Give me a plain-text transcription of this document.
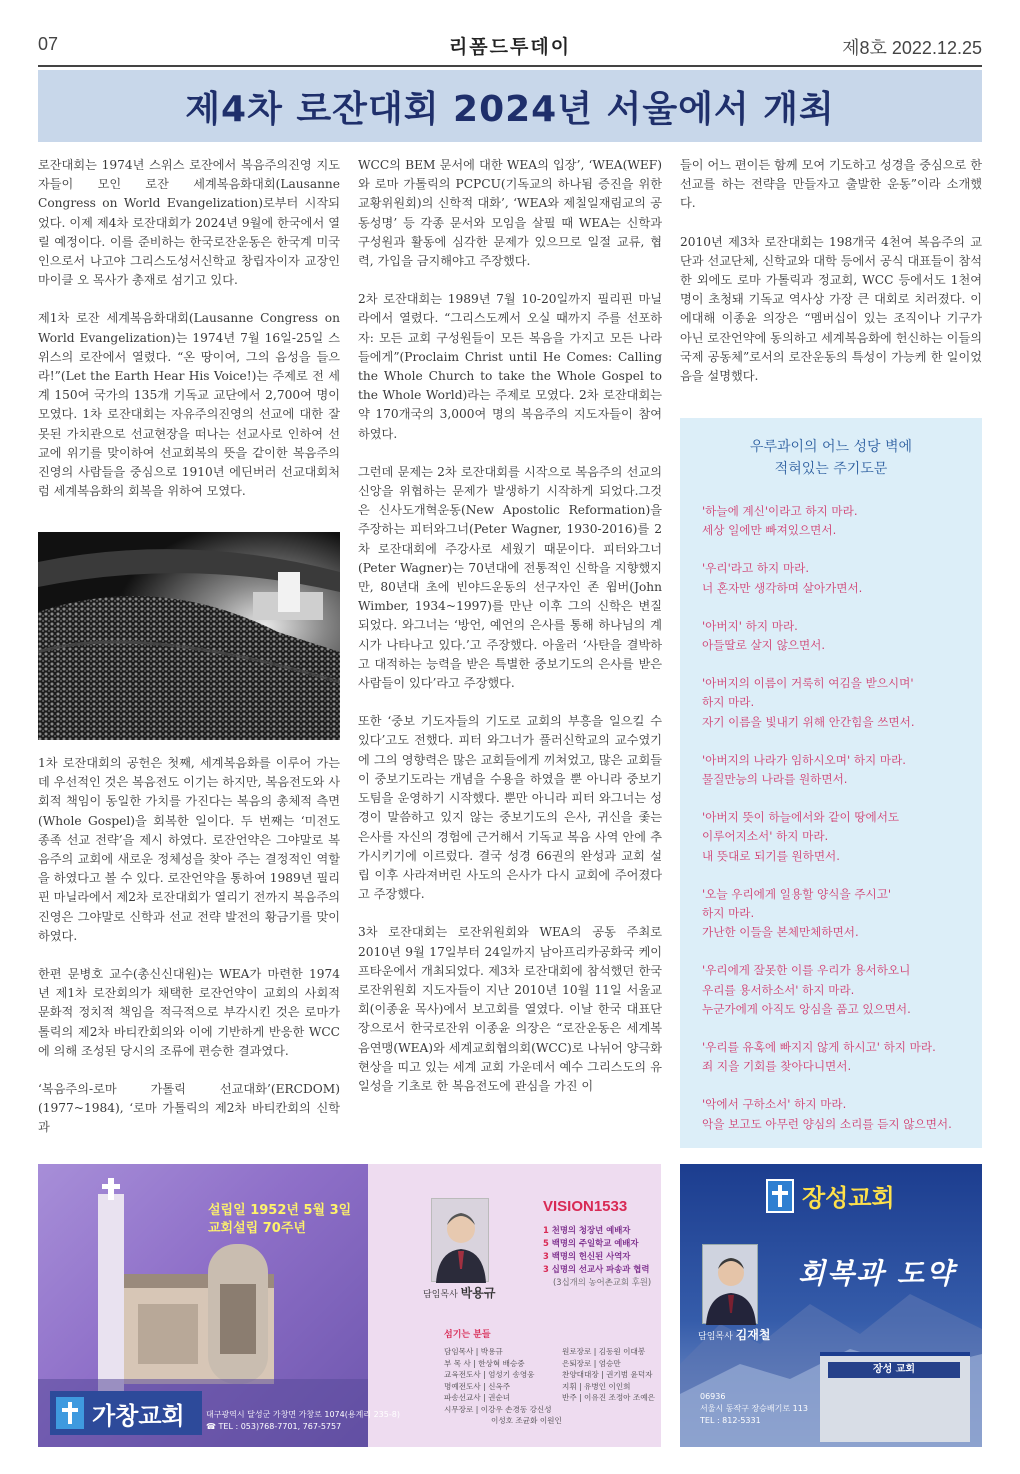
07	리폼드투데이	제8호 2022.12.25
제4차 로잔대회 2024년 서울에서 개최

로잔대회는 1974년 스위스 로잔에서 복음주의진영 지도자들이 모인 로잔 세계복음화대회(Lausanne Congress on World Evangelization)로부터 시작되었다. 이제 제4차 로잔대회가 2024년 9월에 한국에서 열릴 예정이다. 이를 준비하는 한국로잔운동은 한국계 미국인으로서 나고야 그리스도성서신학교 창립자이자 교장인 마이클 오 목사가 총재로 섬기고 있다.

제1차 로잔 세계복음화대회(Lausanne Congress on World Evangelization)는 1974년 7월 16일-25일 스위스의 로잔에서 열렸다. “온 땅이여, 그의 음성을 들으라!”(Let the Earth Hear His Voice!)는 주제로 전 세계 150여 국가의 135개 기독교 교단에서 2,700여 명이 모였다. 1차 로잔대회는 자유주의진영의 선교에 대한 잘못된 가치관으로 선교현장을 떠나는 선교사로 인하여 선교에 위기를 맞이하여 선교회복의 뜻을 같이한 복음주의 진영의 사람들을 중심으로 1910년 에딘버러 선교대회처럼 세계복음화의 회복을 위하여 모였다.

1차 로잔대회의 공헌은 첫째, 세계복음화를 이루어 가는데 우선적인 것은 복음전도 이기는 하지만, 복음전도와 사회적 책임이 동일한 가치를 가진다는 복음의 총체적 측면(Whole Gospel)을 회복한 일이다. 두 번째는 ‘미전도 종족 선교 전략’을 제시 하였다. 로잔언약은 그야말로 복음주의 교회에 새로운 정체성을 찾아 주는 결정적인 역할을 하였다고 볼 수 있다. 로잔언약을 통하여 1989년 필리핀 마닐라에서 제2차 로잔대회가 열리기 전까지 복음주의 진영은 그야말로 신학과 선교 전략 발전의 황금기를 맞이하였다.

한편 문병호 교수(총신신대원)는 WEA가 마련한 1974년 제1차 로잔회의가 채택한 로잔언약이 교회의 사회적 문화적 정치적 책임을 적극적으로 부각시킨 것은 로마가톨릭의 제2차 바티칸회의와 이에 기반하게 반응한 WCC에 의해 조성된 당시의 조류에 편승한 결과였다.

‘복음주의-로마 가톨릭 선교대화’(ERCDOM)(1977~1984), ‘로마 가톨릭의 제2차 바티칸회의 신학과

WCC의 BEM 문서에 대한 WEA의 입장’, ‘WEA(WEF)와 로마 가톨릭의 PCPCU(기독교의 하나됨 증진을 위한 교황위원회)의 신학적 대화’, ‘WEA와 제칠일재림교의 공동성명’ 등 각종 문서와 모임을 살필 때 WEA는 신학과 구성원과 활동에 심각한 문제가 있으므로 일절 교류, 협력, 가입을 금지해야고 주장했다.

2차 로잔대회는 1989년 7월 10-20일까지 필리핀 마닐라에서 열렸다. “그리스도께서 오실 때까지 주를 선포하자: 모든 교회 구성원들이 모든 복음을 가지고 모든 나라들에게”(Proclaim Christ until He Comes: Calling the Whole Church to take the Whole Gospel to the Whole World)라는 주제로 모였다. 2차 로잔대회는 약 170개국의 3,000여 명의 복음주의 지도자들이 참여하였다.

그런데 문제는 2차 로잔대회를 시작으로 복음주의 선교의 신앙을 위협하는 문제가 발생하기 시작하게 되었다.그것은 신사도개혁운동(New Apostolic Reformation)을 주장하는 피터와그너(Peter Wagner, 1930-2016)를 2차 로잔대회에 주강사로 세웠기 때문이다. 피터와그너(Peter Wagner)는 70년대에 전통적인 신학을 지향했지만, 80년대 초에 빈야드운동의 선구자인 존 윔버(John Wimber, 1934~1997)를 만난 이후 그의 신학은 변질되었다. 와그너는 ‘방언, 예언의 은사를 통해 하나님의 계시가 나타나고 있다.’고 주장했다. 아울러 ‘사탄을 결박하고 대적하는 능력을 받은 특별한 중보기도의 은사를 받은 사람들이 있다’라고 주장했다.

또한 ‘중보 기도자들의 기도로 교회의 부흥을 일으킬 수 있다’고도 전했다. 피터 와그너가 풀러신학교의 교수였기에 그의 영향력은 많은 교회들에게 끼쳐었고, 많은 교회들이 중보기도라는 개념을 수용을 하였을 뿐 아니라 중보기도팀을 운영하기 시작했다. 뿐만 아니라 피터 와그너는 성경이 말씀하고 있지 않는 중보기도의 은사, 귀신을 좇는 은사를 자신의 경험에 근거해서 기독교 복음 사역 안에 추가시키기에 이르렀다. 결국 성경 66권의 완성과 교회 설립 이후 사라져버린 사도의 은사가 다시 교회에 주어졌다고 주장했다.

3차 로잔대회는 로잔위원회와 WEA의 공동 주최로 2010년 9월 17일부터 24일까지 남아프리카공화국 케이프타운에서 개최되었다. 제3차 로잔대회에 참석했던 한국로잔위원회 지도자들이 지난 2010년 10월 11일 서울교회(이종윤 목사)에서 보고회를 열였다. 이날 한국 대표단장으로서 한국로잔위 이종윤 의장은 “로잔운동은 세계복음연맹(WEA)와 세계교회협의회(WCC)로 나뉘어 양극화 현상을 띠고 있는 세계 교회 가운데서 예수 그리스도의 유일성을 기초로 한 복음전도에 관심을 가진 이

들이 어느 편이든 함께 모여 기도하고 성경을 중심으로 한 선교를 하는 전략을 만들자고 출발한 운동”이라 소개했다.

2010년 제3차 로잔대회는 198개국 4천여 복음주의 교단과 선교단체, 신학교와 대학 등에서 공식 대표들이 참석한 외에도 로마 가톨릭과 정교회, WCC 등에서도 1천여명이 초청돼 기독교 역사상 가장 큰 대회로 치러졌다. 이에대해 이종윤 의장은 “멤버십이 있는 조직이나 기구가 아닌 로잔언약에 동의하고 세계복음화에 헌신하는 이들의 국제 공동체”로서의 로잔운동의 특성이 가능케 한 일이었음을 설명했다.

우루과이의 어느 성당 벽에
적혀있는 주기도문
'하늘에 계신'이라고 하지 마라.
세상 일에만 빠져있으면서.
'우리'라고 하지 마라.
너 혼자만 생각하며 살아가면서.
'아버지' 하지 마라.
아들딸로 살지 않으면서.
'아버지의 이름이 거룩히 여김을 받으시며'
하지 마라.
자기 이름을 빛내기 위해 안간힘을 쓰면서.
'아버지의 나라가 임하시오며' 하지 마라.
물질만능의 나라를 원하면서.
'아버지 뜻이 하늘에서와 같이 땅에서도
이루어지소서' 하지 마라.
내 뜻대로 되기를 원하면서.
'오늘 우리에게 일용할 양식을 주시고'
하지 마라.
가난한 이들을 본체만체하면서.
'우리에게 잘못한 이를 우리가 용서하오니
우리를 용서하소서' 하지 마라.
누군가에게 아직도 앙심을 품고 있으면서.
'우리를 유혹에 빠지지 않게 하시고' 하지 마라.
죄 지을 기회를 찾아다니면서.
'악에서 구하소서' 하지 마라.
악을 보고도 아무런 양심의 소리를 듣지 않으면서.
설립일 1952년 5월 3일
교회설립 70주년
가창교회	대구광역시 달성군 가창면 가창로 1074(용계리 235-8)
☎ TEL : 053)768-7701, 767-5757
담임목사 박용규
VISION1533
1 천명의 청장년 예배자
5 백명의 주일학교 예배자
3 백명의 헌신된 사역자
3 십명의 선교사 파송과 협력
(3십개의 농어촌교회 후원)
섬기는 분들
담임목사 | 박용규
부 목 사 | 한상혁 배승중
교육전도사 | 엄성기 송영웅
명예전도사 | 신옥주
파송선교사 | 권순녀
시무장로 | 이강우 손경동 강신성
이성호 조균화 이원인
원로장로 | 김동원 이대봉
은퇴장로 | 엄승만
찬양대대장 | 권기범 윤덕자
지휘 | 유병인 이인희
반주 | 이유진 조정아 조예은
장성교회
회복과 도약
담임목사 김재철
장성 교회
06936
서울시 동작구 장승배기로 113
TEL : 812-5331
